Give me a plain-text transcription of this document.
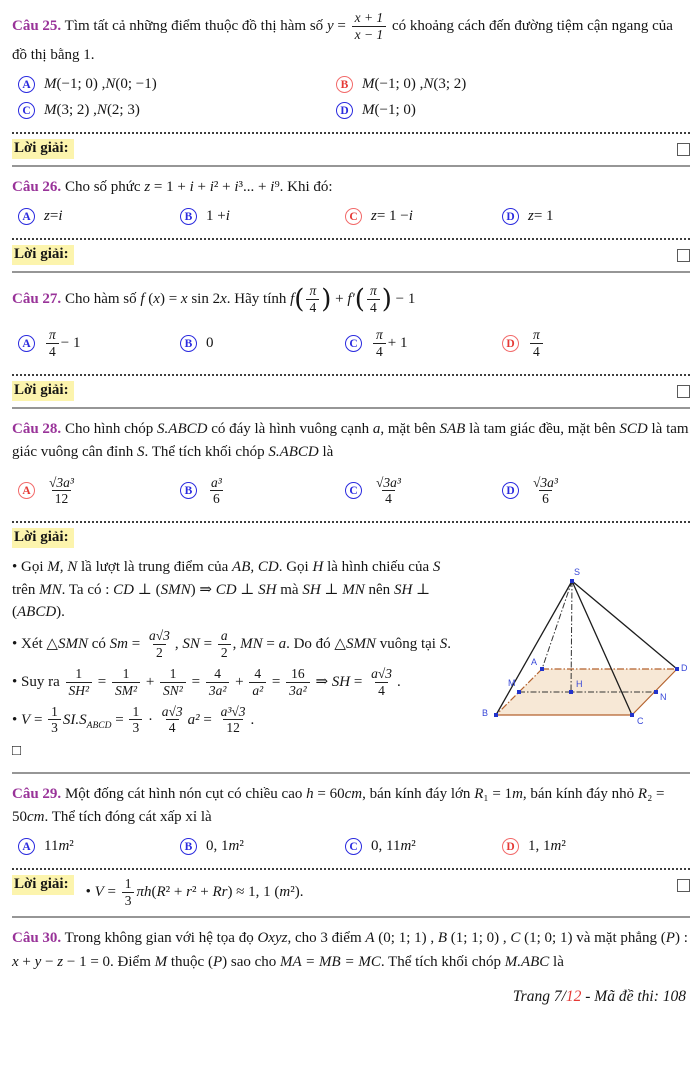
Câu 25. Tìm tất cả những điểm thuộc đồ thị hàm số $y = \frac{x + 1}{x - 1}$ có khoảng cách đến đường tiệm cận ngang của đồ thị bằng 1.

A M (−1; 0) , N (0; −1)	B M (−1; 0) , N (3; 2)
C M (3; 2) , N (2; 3)	D M (−1; 0)
Lời giải:

Câu 26. Cho số phức z = 1 + i + i² + i³... + i⁹. Khi đó:

A z = i	B 1 + i	C z = 1 − i	D z = 1
Lời giải:

Câu 27. Cho hàm số f (x) = x sin 2x. Hãy tính $f( \frac{\pi}{4}$ ) + $f'( \frac{\pi}{4}$ ) − 1

A	$\frac{\pi}{4} - 1$	B 0	C	$\frac{\pi}{4} + 1$	D	$\frac{\pi}{4}$
Lời giải:

Câu 28. Cho hình chóp S.ABCD có đáy là hình vuông cạnh a, mặt bên SAB là tam giác đều, mặt bên SCD là tam giác vuông cân đỉnh S. Thể tích khối chóp S.ABCD là

A	$\frac{\text{√3a³}}{12}$	B	$\frac{\text{a³}}{6}$	C	$\frac{\text{√3a³}}{4}$	D	$\frac{\text{√3a³}}{6}$
Lời giải:

• Gọi M, N lầ lượt là trung điểm của AB, CD. Gọi H là hình chiếu của S trên MN. Ta có : CD ⊥ (SMN) ⇒ CD ⊥ SH mà SH ⊥ MN nên SH ⊥ (ABCD).

• Xét △SMN có $Sm = \frac{a√3}{2}$ , SN = $\frac{a}{2}$ , MN = a. Do đó △SMN vuông tại S.

• Suy ra $\frac{1}{\text{SH²}} = \frac{1}{\text{SM²}} + \frac{1}{\text{SN²}} = \frac{4}{\text{3a²}} + \frac{4}{\text{a²}} = \frac{16}{\text{3a²}}$ ⇒ SH = $\frac{a√3}{4}$ .

• $V = \frac{1}{3} SI.S_{ABCD} = \frac{1}{3} \cdot \frac{a√3}{4} a^2 = \frac{\text{a³√3}}{12}$ .

□

S
A
D
B
C
M
N
H

Câu 29. Một đống cát hình nón cụt có chiều cao h = 60cm, bán kính đáy lớn R₁ = 1m, bán kính đáy nhỏ R₂ = 50cm. Thể tích đóng cát xấp xỉ là

A 11 m ²	B 0, 1 m ²	C 0, 11 m ²	D 1, 1 m ²
Lời giải:	• $V = \frac{1}{3} \pi h(R^2 + r^2 + Rr) \approx 1$, 1 (m²).

Câu 30. Trong không gian với hệ tọa đọ Oxyz, cho 3 điểm A (0; 1; 1) , B (1; 1; 0) , C (1; 0; 1) và mặt phẳng (P) : x + y − z − 1 = 0. Điểm M thuộc (P) sao cho MA = MB = MC. Thể tích khối chóp M.ABC là

Trang 7/12 - Mã đề thi: 108
